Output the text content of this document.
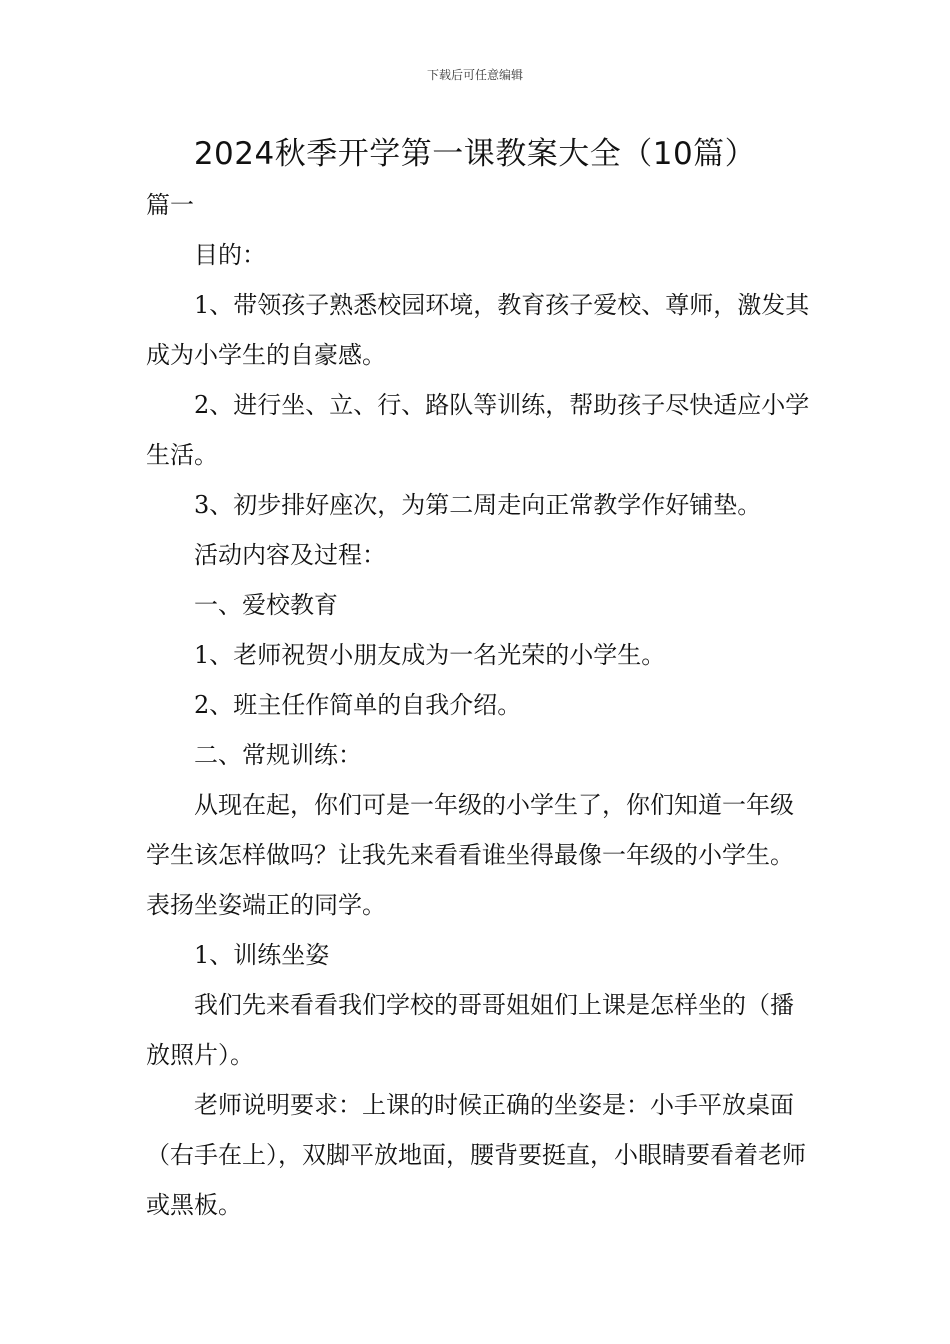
下载后可任意编辑
2024秋季开学第一课教案大全（10篇）

篇一

目的：

1、带领孩子熟悉校园环境，教育孩子爱校、尊师，激发其成为小学生的自豪感。

2、进行坐、立、行、路队等训练，帮助孩子尽快适应小学生活。

3、初步排好座次，为第二周走向正常教学作好铺垫。

活动内容及过程：

一、爱校教育

1、老师祝贺小朋友成为一名光荣的小学生。

2、班主任作简单的自我介绍。

二、常规训练：

从现在起，你们可是一年级的小学生了，你们知道一年级学生该怎样做吗？让我先来看看谁坐得最像一年级的小学生。表扬坐姿端正的同学。

1、训练坐姿

我们先来看看我们学校的哥哥姐姐们上课是怎样坐的（播放照片）。

老师说明要求：上课的时候正确的坐姿是：小手平放桌面（右手在上），双脚平放地面，腰背要挺直，小眼睛要看着老师或黑板。
